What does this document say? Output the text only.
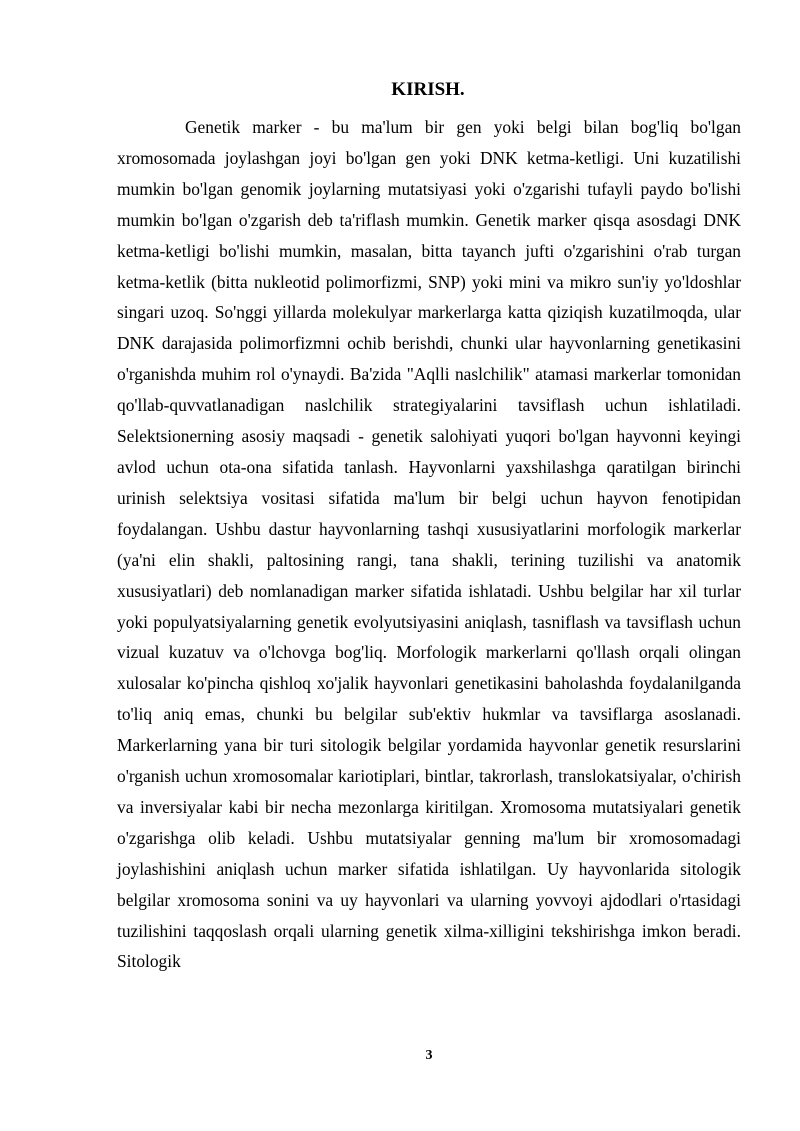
KIRISH.

Genetik marker - bu ma'lum bir gen yoki belgi bilan bog'liq bo'lgan xromosomada joylashgan joyi bo'lgan gen yoki DNK ketma-ketligi. Uni kuzatilishi mumkin bo'lgan genomik joylarning mutatsiyasi yoki o'zgarishi tufayli paydo bo'lishi mumkin bo'lgan o'zgarish deb ta'riflash mumkin. Genetik marker qisqa asosdagi DNK ketma-ketligi bo'lishi mumkin, masalan, bitta tayanch jufti o'zgarishini o'rab turgan ketma-ketlik (bitta nukleotid polimorfizmi, SNP) yoki mini va mikro sun'iy yo'ldoshlar singari uzoq. So'nggi yillarda molekulyar markerlarga katta qiziqish kuzatilmoqda, ular DNK darajasida polimorfizmni ochib berishdi, chunki ular hayvonlarning genetikasini o'rganishda muhim rol o'ynaydi. Ba'zida "Aqlli naslchilik" atamasi markerlar tomonidan qo'llab-quvvatlanadigan naslchilik strategiyalarini tavsiflash uchun ishlatiladi. Selektsionerning asosiy maqsadi - genetik salohiyati yuqori bo'lgan hayvonni keyingi avlod uchun ota-ona sifatida tanlash. Hayvonlarni yaxshilashga qaratilgan birinchi urinish selektsiya vositasi sifatida ma'lum bir belgi uchun hayvon fenotipidan foydalangan. Ushbu dastur hayvonlarning tashqi xususiyatlarini morfologik markerlar (ya'ni elin shakli, paltosining rangi, tana shakli, terining tuzilishi va anatomik xususiyatlari) deb nomlanadigan marker sifatida ishlatadi. Ushbu belgilar har xil turlar yoki populyatsiyalarning genetik evolyutsiyasini aniqlash, tasniflash va tavsiflash uchun vizual kuzatuv va o'lchovga bog'liq. Morfologik markerlarni qo'llash orqali olingan xulosalar ko'pincha qishloq xo'jalik hayvonlari genetikasini baholashda foydalanilganda to'liq aniq emas, chunki bu belgilar sub'ektiv hukmlar va tavsiflarga asoslanadi. Markerlarning yana bir turi sitologik belgilar yordamida hayvonlar genetik resurslarini o'rganish uchun xromosomalar kariotiplari, bintlar, takrorlash, translokatsiyalar, o'chirish va inversiyalar kabi bir necha mezonlarga kiritilgan. Xromosoma mutatsiyalari genetik o'zgarishga olib keladi. Ushbu mutatsiyalar genning ma'lum bir xromosomadagi joylashishini aniqlash uchun marker sifatida ishlatilgan. Uy hayvonlarida sitologik belgilar xromosoma sonini va uy hayvonlari va ularning yovvoyi ajdodlari o'rtasidagi tuzilishini taqqoslash orqali ularning genetik xilma-xilligini tekshirishga imkon beradi. Sitologik

3
